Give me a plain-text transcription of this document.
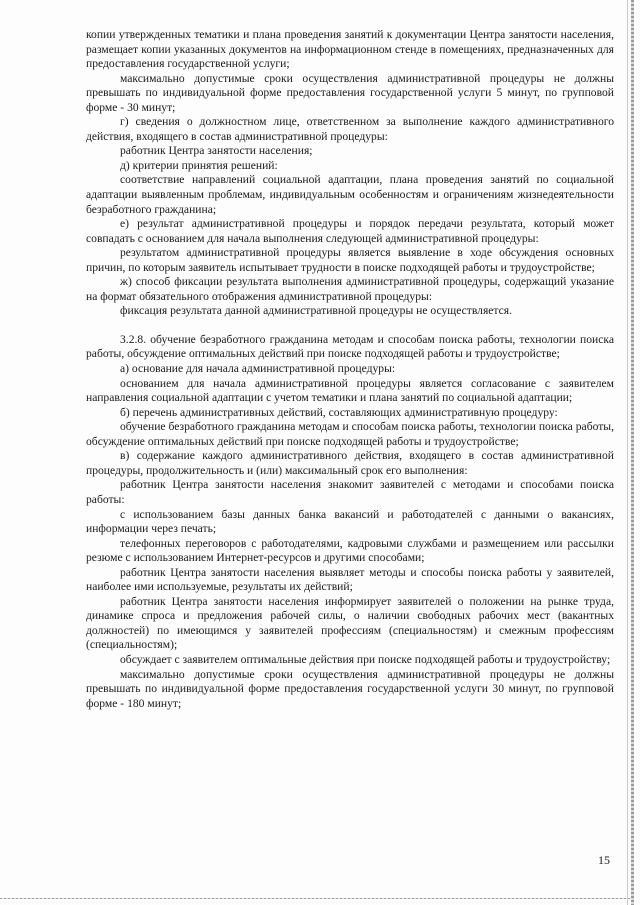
копии утвержденных тематики и плана проведения занятий к документации Центра занятости населения, размещает копии указанных документов на информационном стенде в помещениях, предназначенных для предоставления государственной услуги;

максимально допустимые сроки осуществления административной процедуры не должны превышать по индивидуальной форме предоставления государственной услуги 5 минут, по групповой форме - 30 минут;

г) сведения о должностном лице, ответственном за выполнение каждого административного действия, входящего в состав административной процедуры:

работник Центра занятости населения;

д) критерии принятия решений:

соответствие направлений социальной адаптации, плана проведения занятий по социальной адаптации выявленным проблемам, индивидуальным особенностям и ограничениям жизнедеятельности безработного гражданина;

е) результат административной процедуры и порядок передачи результата, который может совпадать с основанием для начала выполнения следующей административной процедуры:

результатом административной процедуры является выявление в ходе обсуждения основных причин, по которым заявитель испытывает трудности в поиске подходящей работы и трудоустройстве;

ж) способ фиксации результата выполнения административной процедуры, содержащий указание на формат обязательного отображения административной процедуры:

фиксация результата данной административной процедуры не осуществляется.

3.2.8. обучение безработного гражданина методам и способам поиска работы, технологии поиска работы, обсуждение оптимальных действий при поиске подходящей работы и трудоустройстве;

а) основание для начала административной процедуры:

основанием для начала административной процедуры является согласование с заявителем направления социальной адаптации с учетом тематики и плана занятий по социальной адаптации;

б) перечень административных действий, составляющих административную процедуру:

обучение безработного гражданина методам и способам поиска работы, технологии поиска работы, обсуждение оптимальных действий при поиске подходящей работы и трудоустройстве;

в) содержание каждого административного действия, входящего в состав административной процедуры, продолжительность и (или) максимальный срок его выполнения:

работник Центра занятости населения знакомит заявителей с методами и способами поиска работы:

с использованием базы данных банка вакансий и работодателей с данными о вакансиях, информации через печать;

телефонных переговоров с работодателями, кадровыми службами и размещением или рассылки резюме с использованием Интернет-ресурсов и другими способами;

работник Центра занятости населения выявляет методы и способы поиска работы у заявителей, наиболее ими используемые, результаты их действий;

работник Центра занятости населения информирует заявителей о положении на рынке труда, динамике спроса и предложения рабочей силы, о наличии свободных рабочих мест (вакантных должностей) по имеющимся у заявителей профессиям (специальностям) и смежным профессиям (специальностям);

обсуждает с заявителем оптимальные действия при поиске подходящей работы и трудоустройству;

максимально допустимые сроки осуществления административной процедуры не должны превышать по индивидуальной форме предоставления государственной услуги 30 минут, по групповой форме - 180 минут;

15
